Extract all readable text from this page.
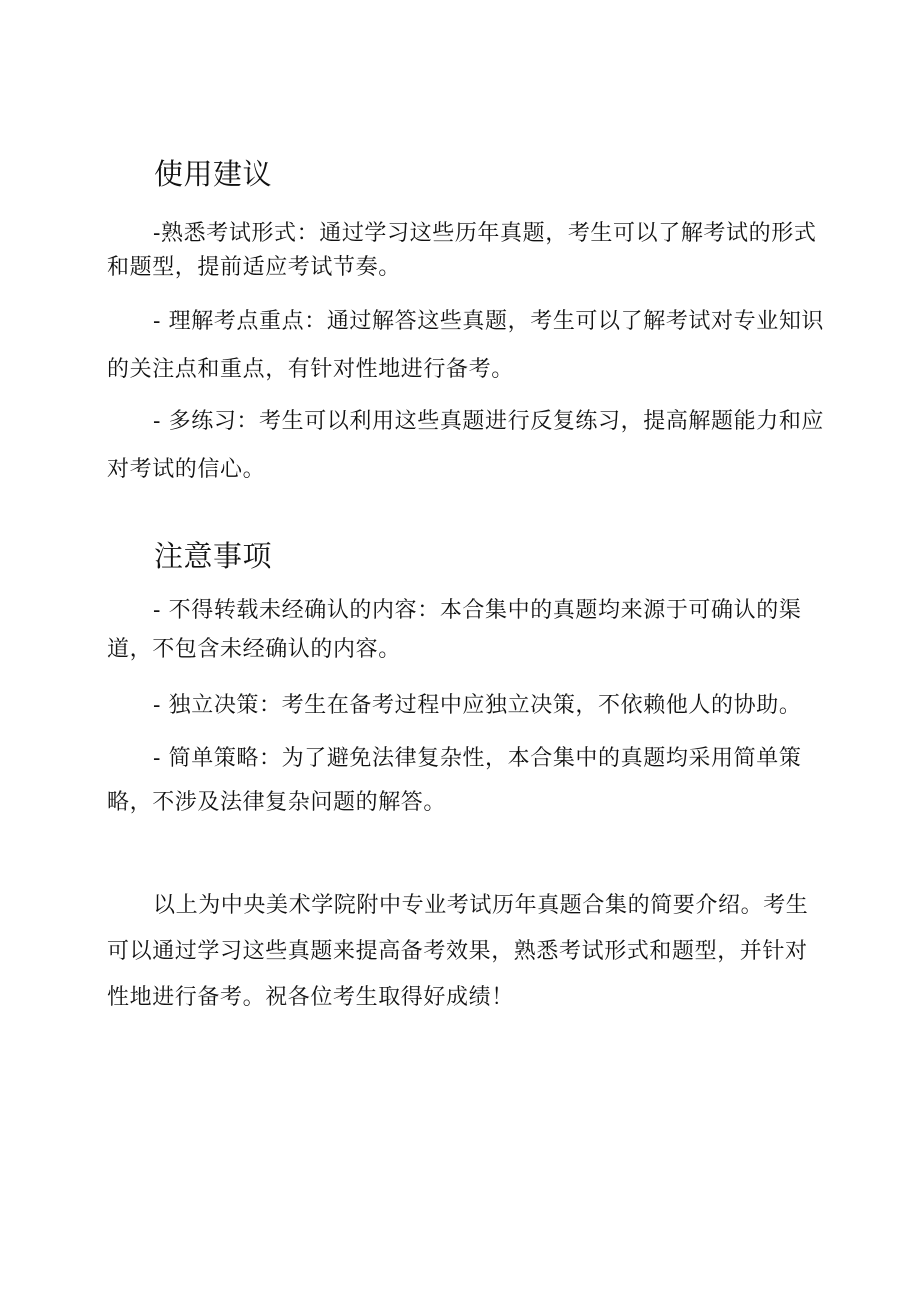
使用建议

-熟悉考试形式：通过学习这些历年真题，考生可以了解考试的形式和题型，提前适应考试节奏。

- 理解考点重点：通过解答这些真题，考生可以了解考试对专业知识的关注点和重点，有针对性地进行备考。

- 多练习：考生可以利用这些真题进行反复练习，提高解题能力和应对考试的信心。

注意事项

- 不得转载未经确认的内容：本合集中的真题均来源于可确认的渠道，不包含未经确认的内容。

- 独立决策：考生在备考过程中应独立决策，不依赖他人的协助。

- 简单策略：为了避免法律复杂性，本合集中的真题均采用简单策略，不涉及法律复杂问题的解答。

以上为中央美术学院附中专业考试历年真题合集的简要介绍。考生可以通过学习这些真题来提高备考效果，熟悉考试形式和题型，并针对性地进行备考。祝各位考生取得好成绩！
